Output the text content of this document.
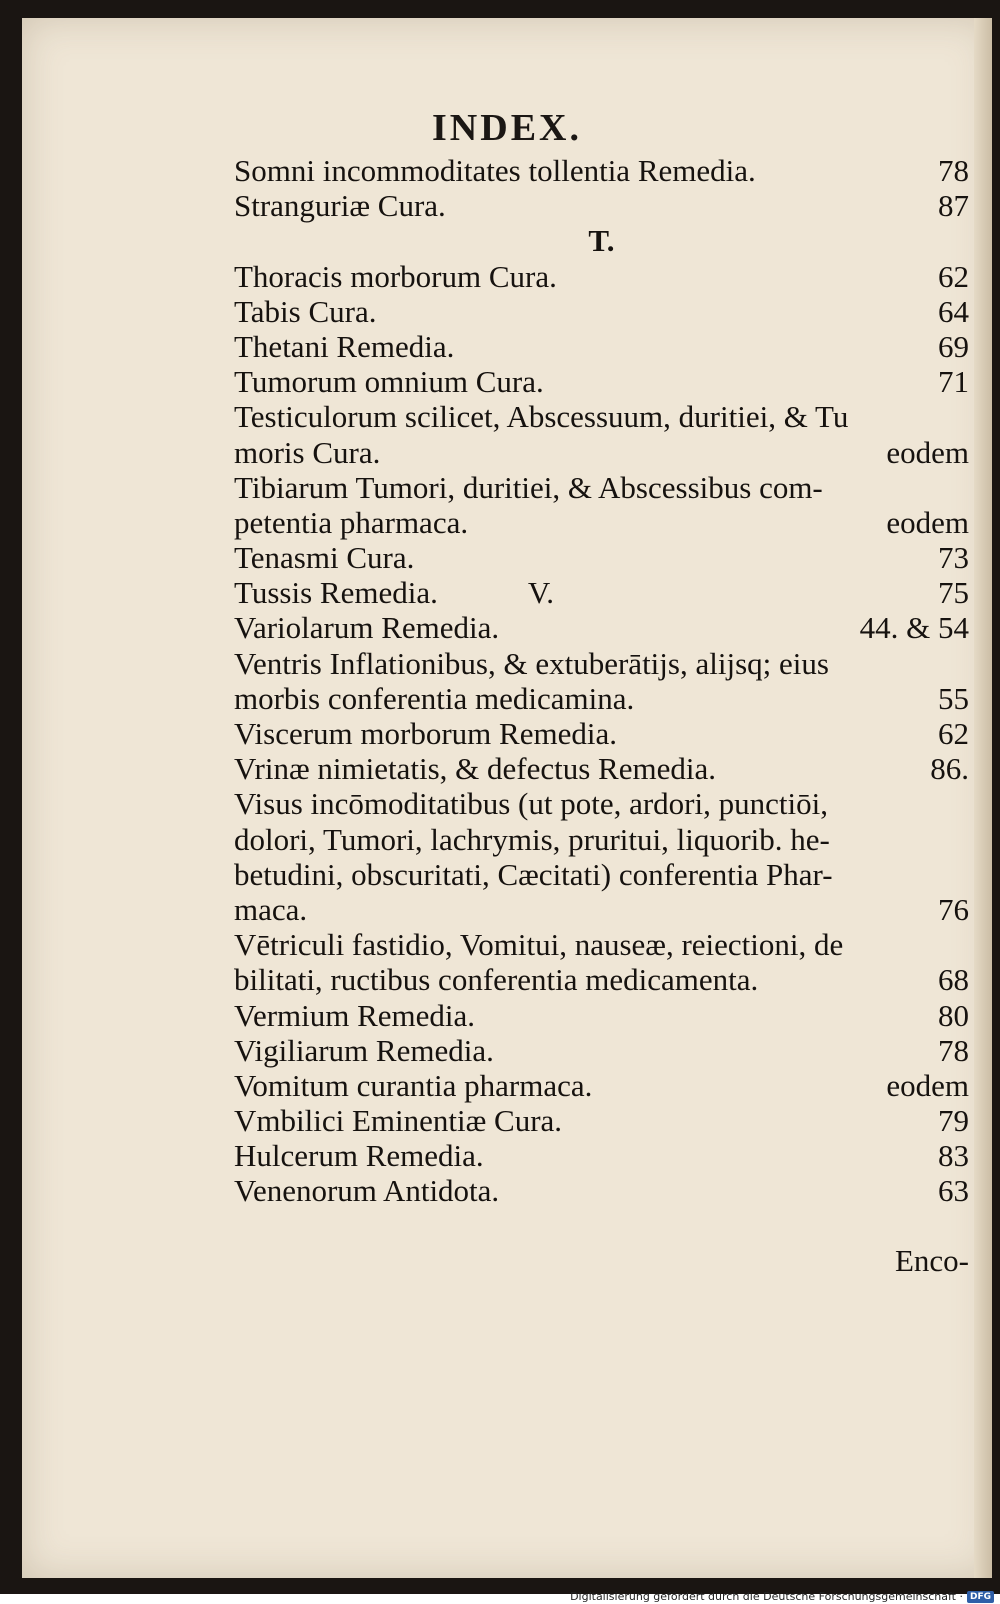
INDEX.
Somni incommoditates tollentia Remedia.	78
Stranguriæ Cura.	87
T.
Thoracis morborum Cura.	62
Tabis Cura.	64
Thetani Remedia.	69
Tumorum omnium Cura.	71
Testiculorum scilicet, Abscessuum, duritiei, & Tu
moris Cura.	eodem
Tibiarum Tumori, duritiei, & Abscessibus com-
petentia pharmaca.	eodem
Tenasmi Cura.	73
Tussis Remedia.	V.	75
Variolarum Remedia.	44. & 54
Ventris Inflationibus, & extuberātijs, alijsq; eius
morbis conferentia medicamina.	55
Viscerum morborum Remedia.	62
Vrinæ nimietatis, & defectus Remedia.	86.
Visus incōmoditatibus (ut pote, ardori, punctiōi,
dolori, Tumori, lachrymis, pruritui, liquorib. he-
betudini, obscuritati, Cæcitati) conferentia Phar-
maca.	76
Vētriculi fastidio, Vomitui, nauseæ, reiectioni, de
bilitati, ructibus conferentia medicamenta.	68
Vermium Remedia.	80
Vigiliarum Remedia.	78
Vomitum curantia pharmaca.	eodem
Vmbilici Eminentiæ Cura.	79
Hulcerum Remedia.	83
Venenorum Antidota.	63
Enco-
Digitalisierung gefördert durch die Deutsche Forschungsgemeinschaft · DFG
